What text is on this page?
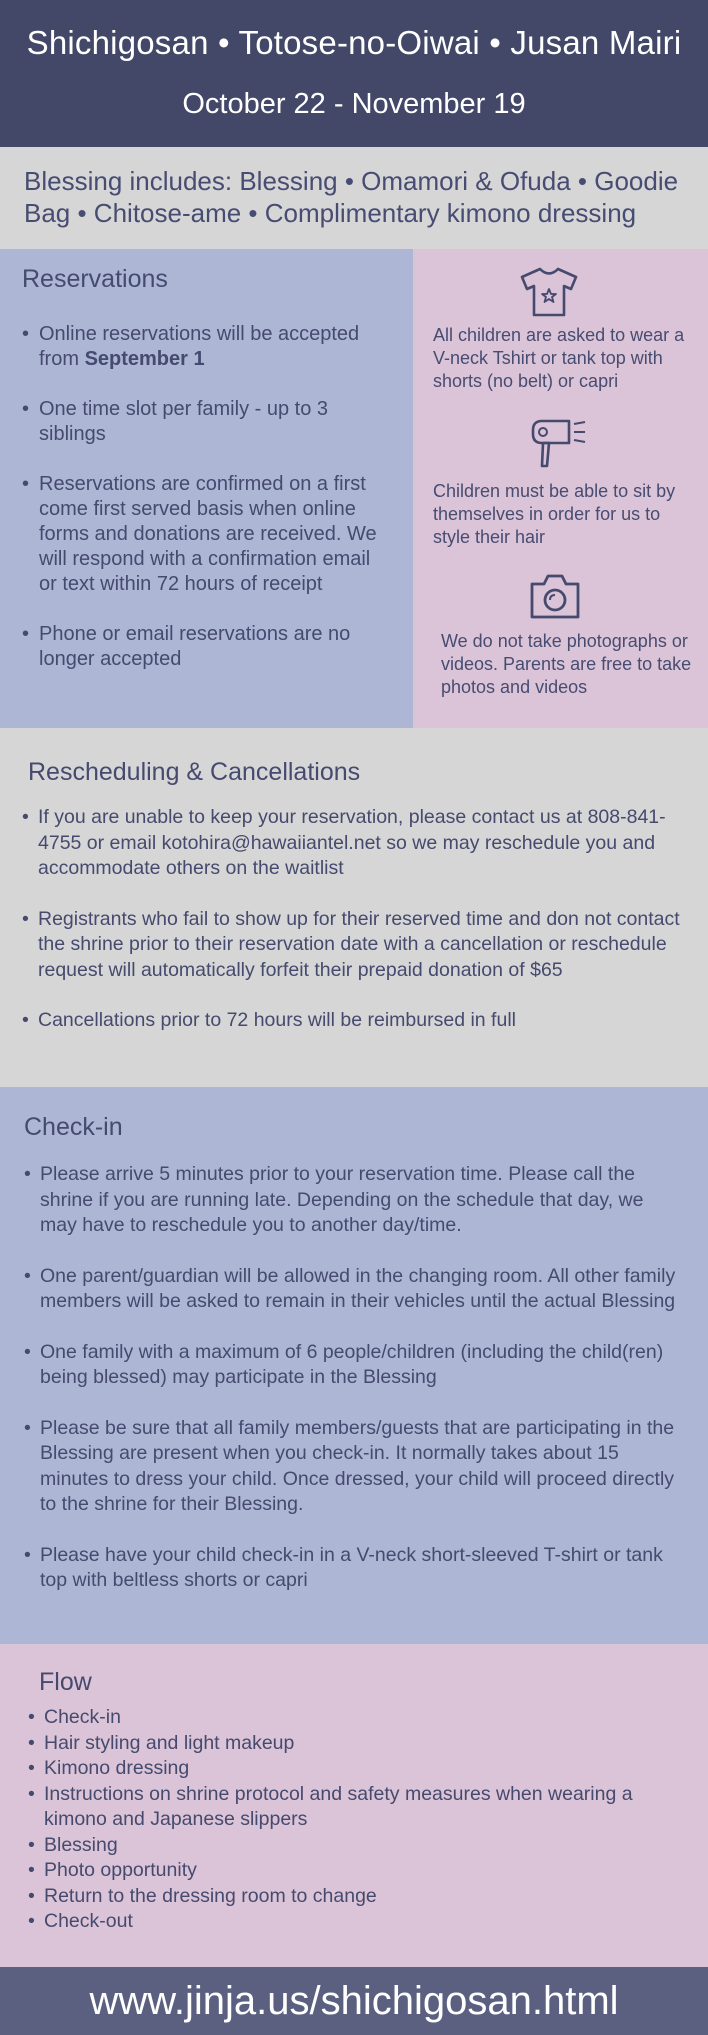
Shichigosan • Totose-no-Oiwai • Jusan Mairi
October 22 - November 19
Blessing includes: Blessing • Omamori & Ofuda • Goodie Bag • Chitose-ame • Complimentary kimono dressing
Reservations
• Online reservations will be accepted from September 1
• One time slot per family - up to 3 siblings
• Reservations are confirmed on a first come first served basis when online forms and donations are received. We will respond with a confirmation email or text within 72 hours of receipt
• Phone or email reservations are no longer accepted
All children are asked to wear a V-neck Tshirt or tank top with shorts (no belt) or capri
Children must be able to sit by themselves in order for us to style their hair
We do not take photographs or videos. Parents are free to take photos and videos
Rescheduling & Cancellations
• If you are unable to keep your reservation, please contact us at 808-841-4755 or email kotohira@hawaiiantel.net so we may reschedule you and accommodate others on the waitlist
• Registrants who fail to show up for their reserved time and don not contact the shrine prior to their reservation date with a cancellation or reschedule request will automatically forfeit their prepaid donation of $65
• Cancellations prior to 72 hours will be reimbursed in full
Check-in
• Please arrive 5 minutes prior to your reservation time. Please call the shrine if you are running late. Depending on the schedule that day, we may have to reschedule you to another day/time.
• One parent/guardian will be allowed in the changing room. All other family members will be asked to remain in their vehicles until the actual Blessing
• One family with a maximum of 6 people/children (including the child(ren) being blessed) may participate in the Blessing
• Please be sure that all family members/guests that are participating in the Blessing are present when you check-in. It normally takes about 15 minutes to dress your child. Once dressed, your child will proceed directly to the shrine for their Blessing.
• Please have your child check-in in a V-neck short-sleeved T-shirt or tank top with beltless shorts or capri
Flow
• Check-in
• Hair styling and light makeup
• Kimono dressing
• Instructions on shrine protocol and safety measures when wearing a kimono and Japanese slippers
• Blessing
• Photo opportunity
• Return to the dressing room to change
• Check-out
www.jinja.us/shichigosan.html
